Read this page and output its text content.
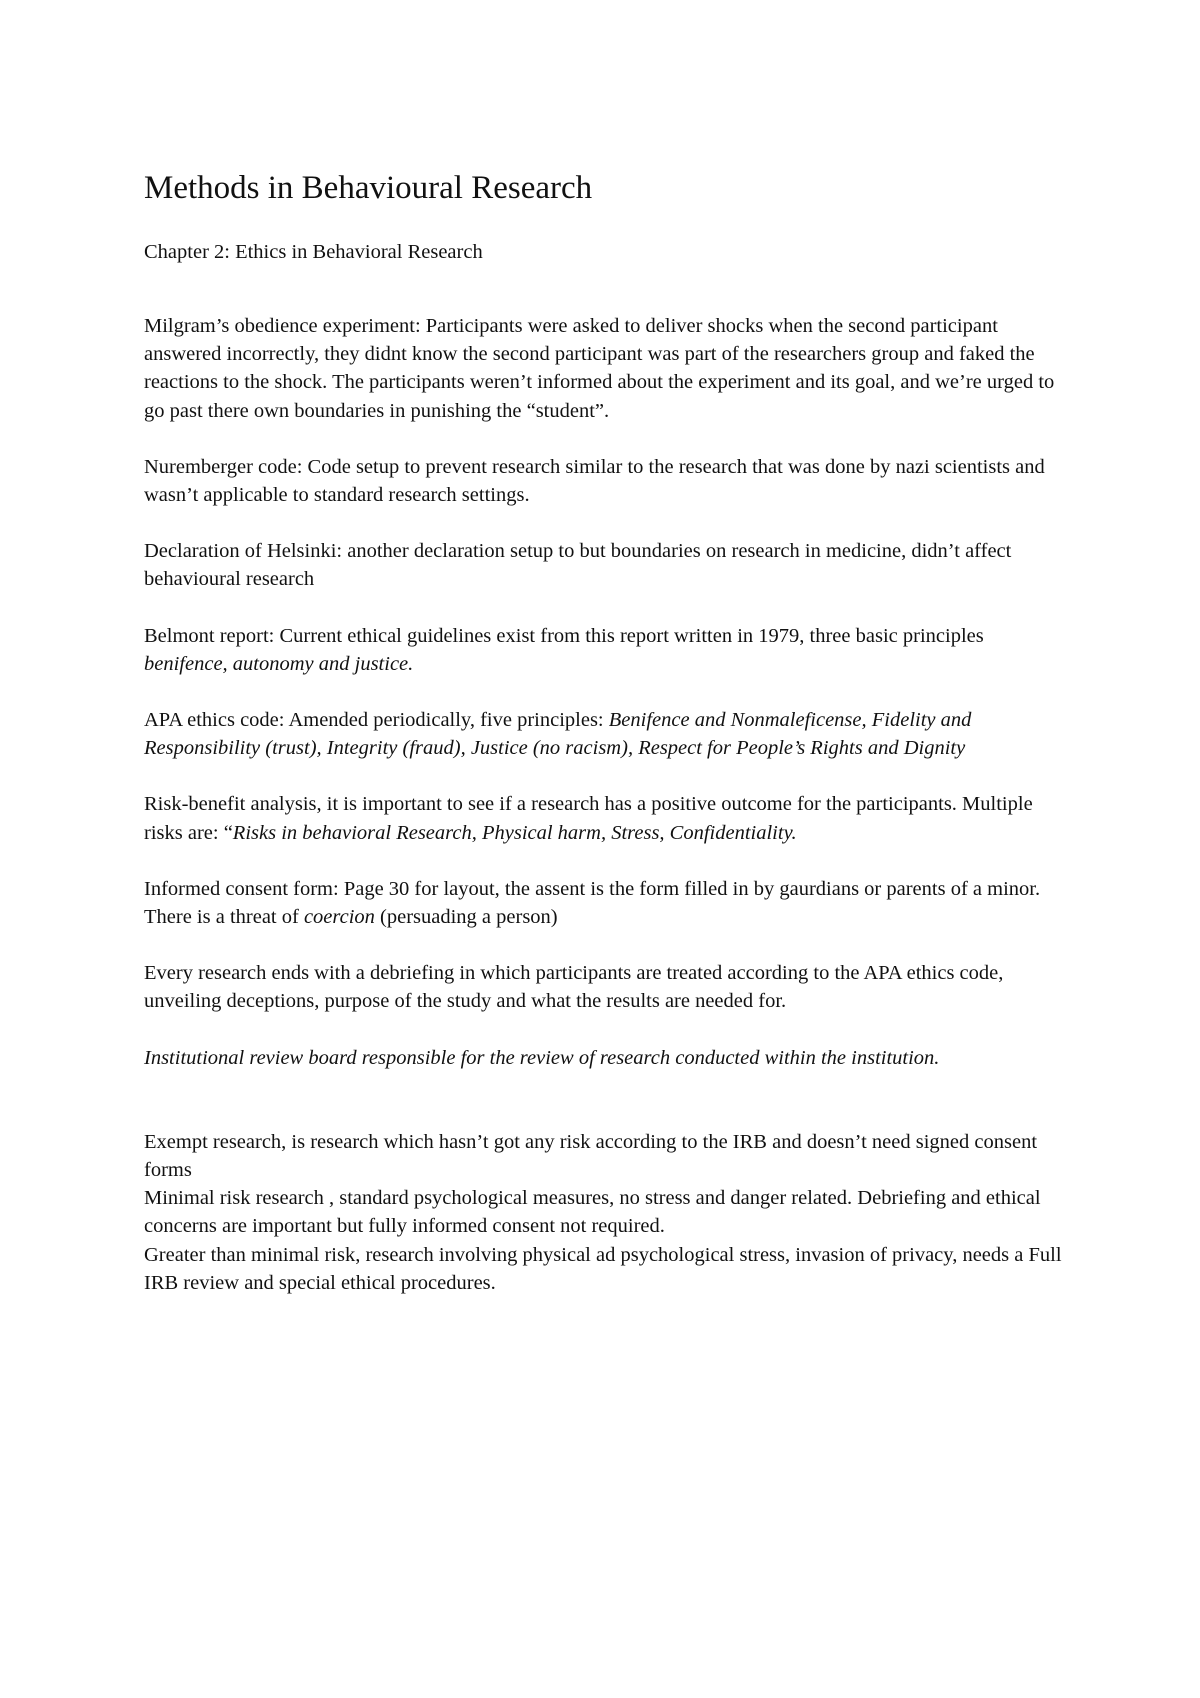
Methods in Behavioural Research
Chapter 2: Ethics in Behavioral Research

Milgram’s obedience experiment: Participants were asked to deliver shocks when the second participant answered incorrectly, they didnt know the second participant was part of the researchers group and faked the reactions to the shock. The participants weren’t informed about the experiment and its goal, and we’re urged to go past there own boundaries in punishing the “student”.

Nuremberger code: Code setup to prevent research similar to the research that was done by nazi scientists and wasn’t applicable to standard research settings.

Declaration of Helsinki: another declaration setup to but boundaries on research in medicine, didn’t affect behavioural research

Belmont report: Current ethical guidelines exist from this report written in 1979, three basic principles benifence, autonomy and justice.

APA ethics code: Amended periodically, five principles: Benifence and Nonmaleficense, Fidelity and Responsibility (trust), Integrity (fraud), Justice (no racism), Respect for People’s Rights and Dignity

Risk-benefit analysis, it is important to see if a research has a positive outcome for the participants. Multiple risks are: “Risks in behavioral Research, Physical harm, Stress, Confidentiality.

Informed consent form: Page 30 for layout, the assent is the form filled in by gaurdians or parents of a minor. There is a threat of coercion (persuading a person)

Every research ends with a debriefing in which participants are treated according to the APA ethics code, unveiling deceptions, purpose of the study and what the results are needed for.

Institutional review board responsible for the review of research conducted within the institution.

Exempt research, is research which hasn’t got any risk according to the IRB and doesn’t need signed consent forms

Minimal risk research , standard psychological measures, no stress and danger related. Debriefing and ethical concerns are important but fully informed consent not required.

Greater than minimal risk, research involving physical ad psychological stress, invasion of privacy, needs a Full IRB review and special ethical procedures.
